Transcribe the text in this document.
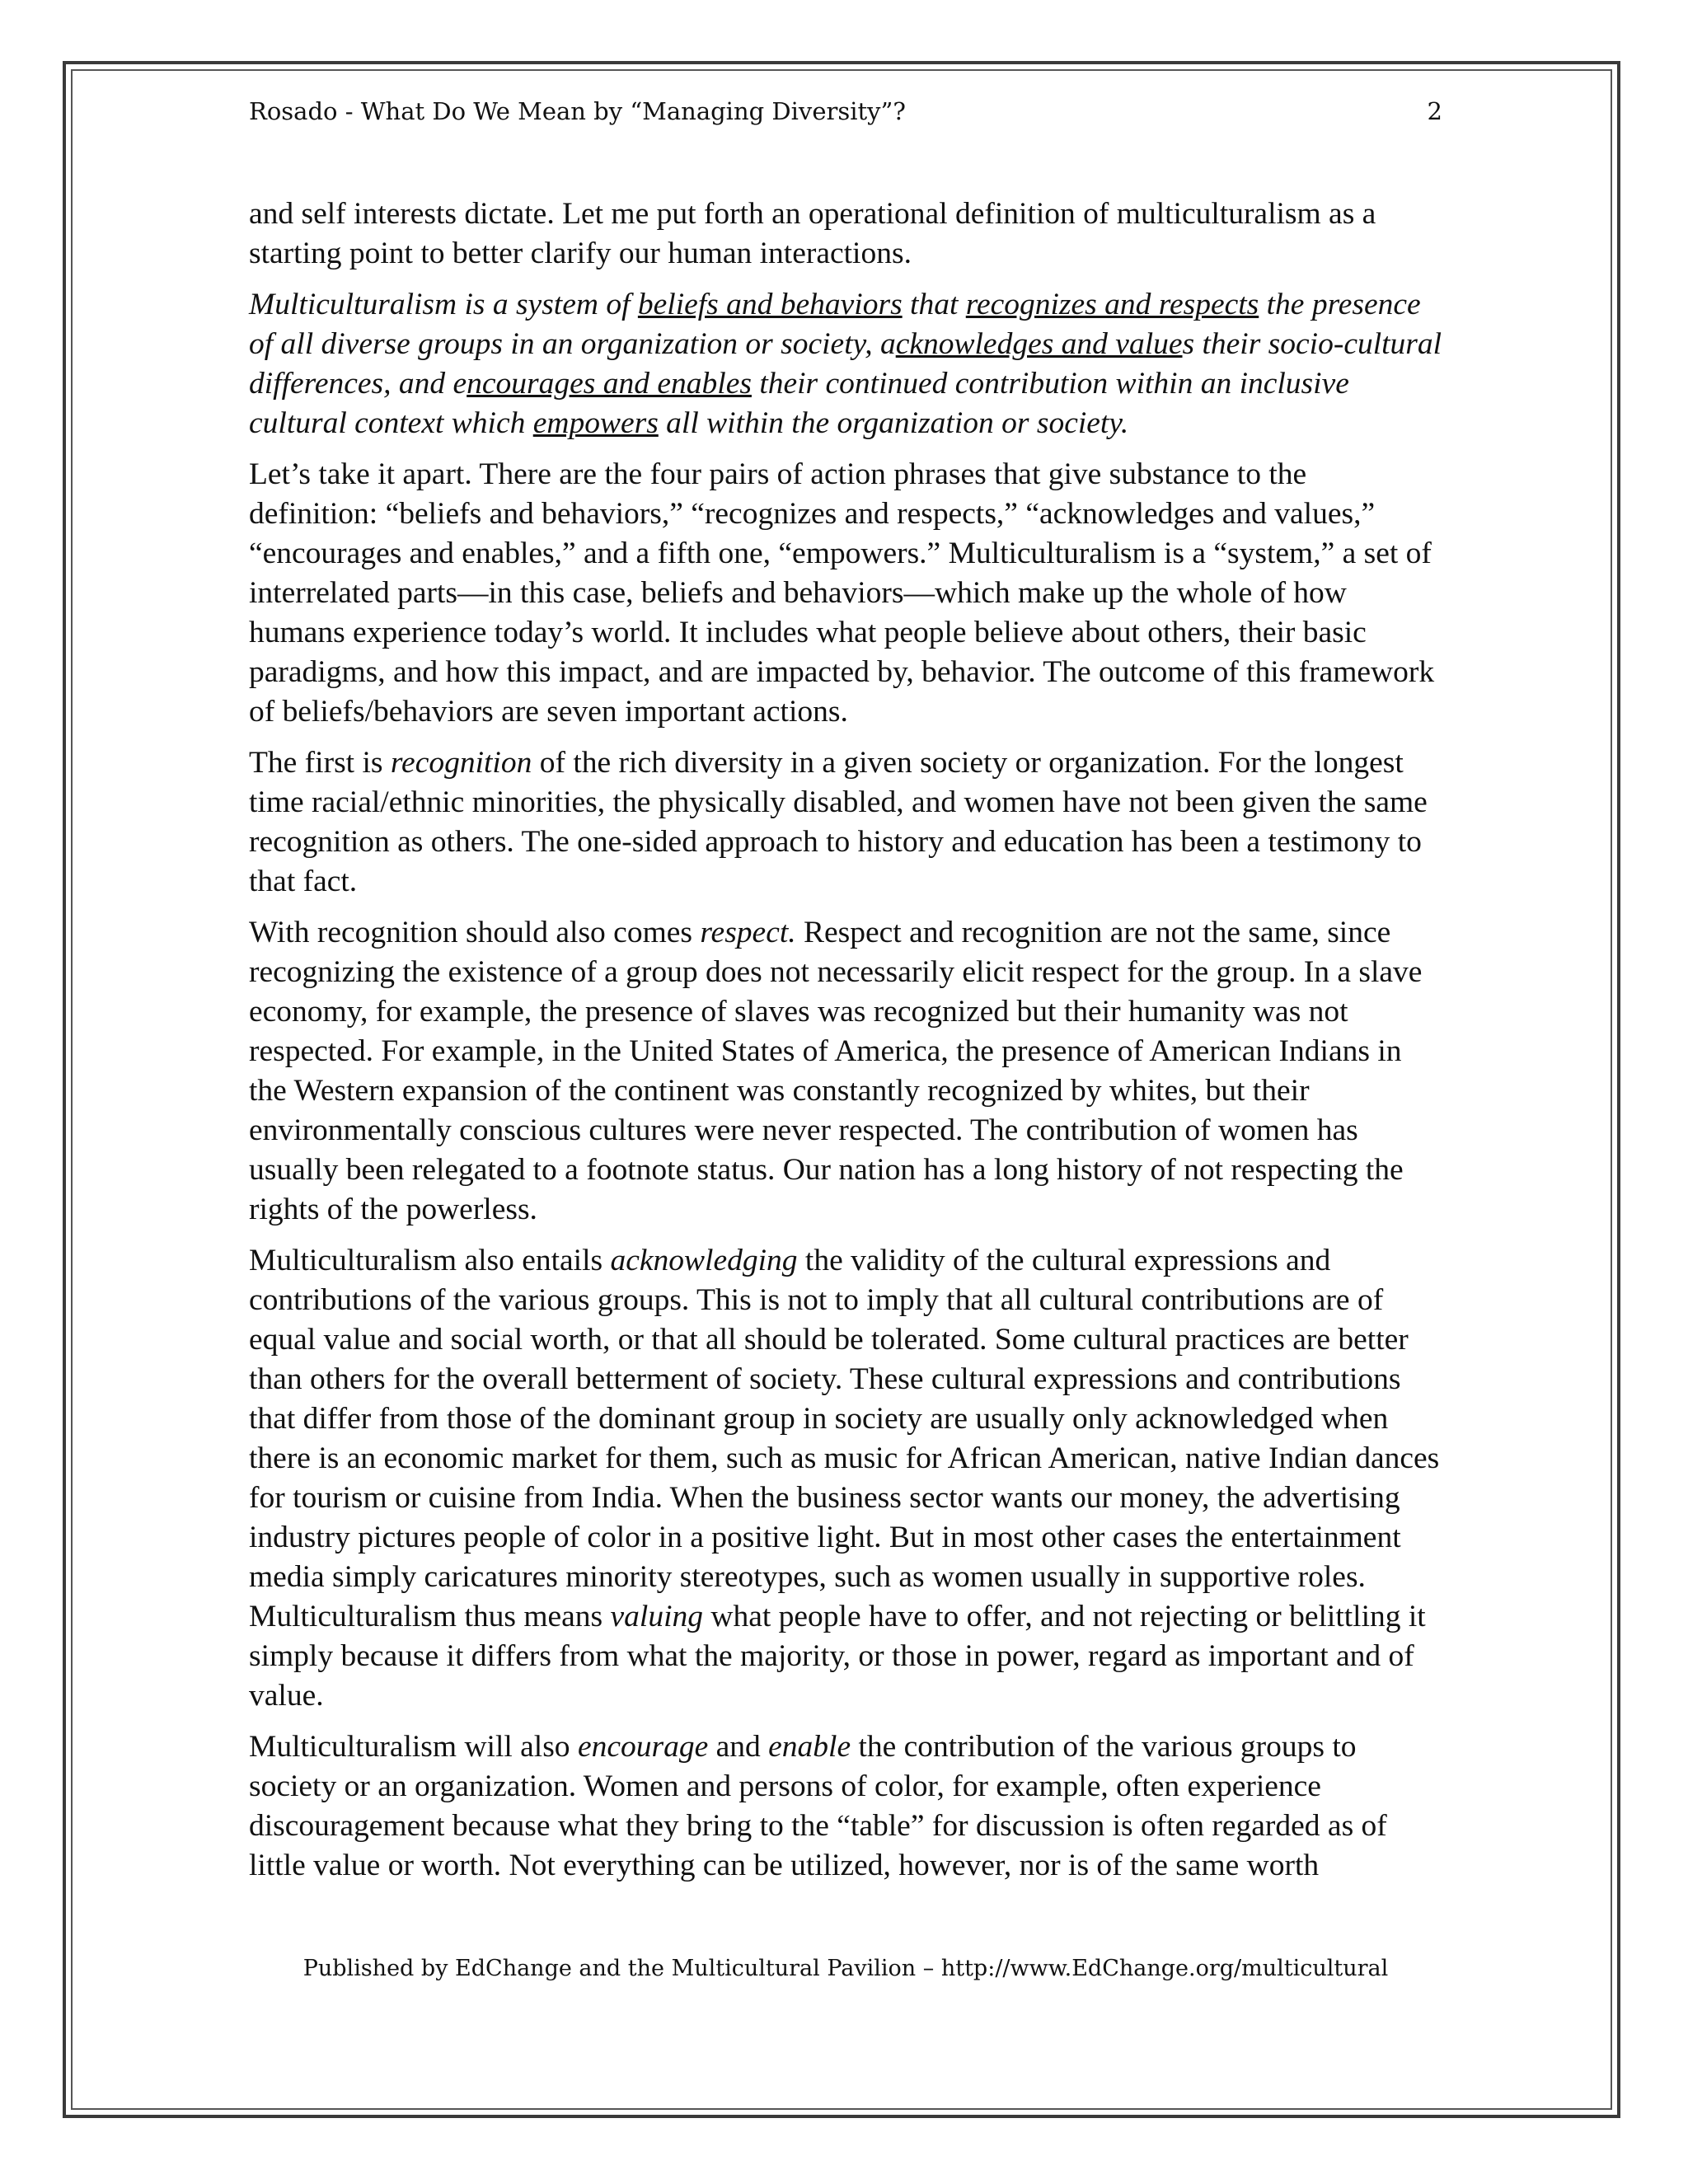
Rosado - What Do We Mean by “Managing Diversity”?	2

and self interests dictate. Let me put forth an operational definition of multiculturalism as a starting point to better clarify our human interactions.

Multiculturalism is a system of beliefs and behaviors that recognizes and respects the presence of all diverse groups in an organization or society, acknowledges and values their socio-cultural differences, and encourages and enables their continued contribution within an inclusive cultural context which empowers all within the organization or society.

Let’s take it apart. There are the four pairs of action phrases that give substance to the definition: “beliefs and behaviors,” “recognizes and respects,” “acknowledges and values,” “encourages and enables,” and a fifth one, “empowers.” Multiculturalism is a “system,” a set of interrelated parts—in this case, beliefs and behaviors—which make up the whole of how humans experience today’s world. It includes what people believe about others, their basic paradigms, and how this impact, and are impacted by, behavior. The outcome of this framework of beliefs/behaviors are seven important actions.

The first is recognition of the rich diversity in a given society or organization. For the longest time racial/ethnic minorities, the physically disabled, and women have not been given the same recognition as others. The one-sided approach to history and education has been a testimony to that fact.

With recognition should also comes respect. Respect and recognition are not the same, since recognizing the existence of a group does not necessarily elicit respect for the group. In a slave economy, for example, the presence of slaves was recognized but their humanity was not respected. For example, in the United States of America, the presence of American Indians in the Western expansion of the continent was constantly recognized by whites, but their environmentally conscious cultures were never respected. The contribution of women has usually been relegated to a footnote status. Our nation has a long history of not respecting the rights of the powerless.

Multiculturalism also entails acknowledging the validity of the cultural expressions and contributions of the various groups. This is not to imply that all cultural contributions are of equal value and social worth, or that all should be tolerated. Some cultural practices are better than others for the overall betterment of society. These cultural expressions and contributions that differ from those of the dominant group in society are usually only acknowledged when there is an economic market for them, such as music for African American, native Indian dances for tourism or cuisine from India. When the business sector wants our money, the advertising industry pictures people of color in a positive light. But in most other cases the entertainment media simply caricatures minority stereotypes, such as women usually in supportive roles. Multiculturalism thus means valuing what people have to offer, and not rejecting or belittling it simply because it differs from what the majority, or those in power, regard as important and of value.

Multiculturalism will also encourage and enable the contribution of the various groups to society or an organization. Women and persons of color, for example, often experience discouragement because what they bring to the “table” for discussion is often regarded as of little value or worth. Not everything can be utilized, however, nor is of the same worth

Published by EdChange and the Multicultural Pavilion – http://www.EdChange.org/multicultural
